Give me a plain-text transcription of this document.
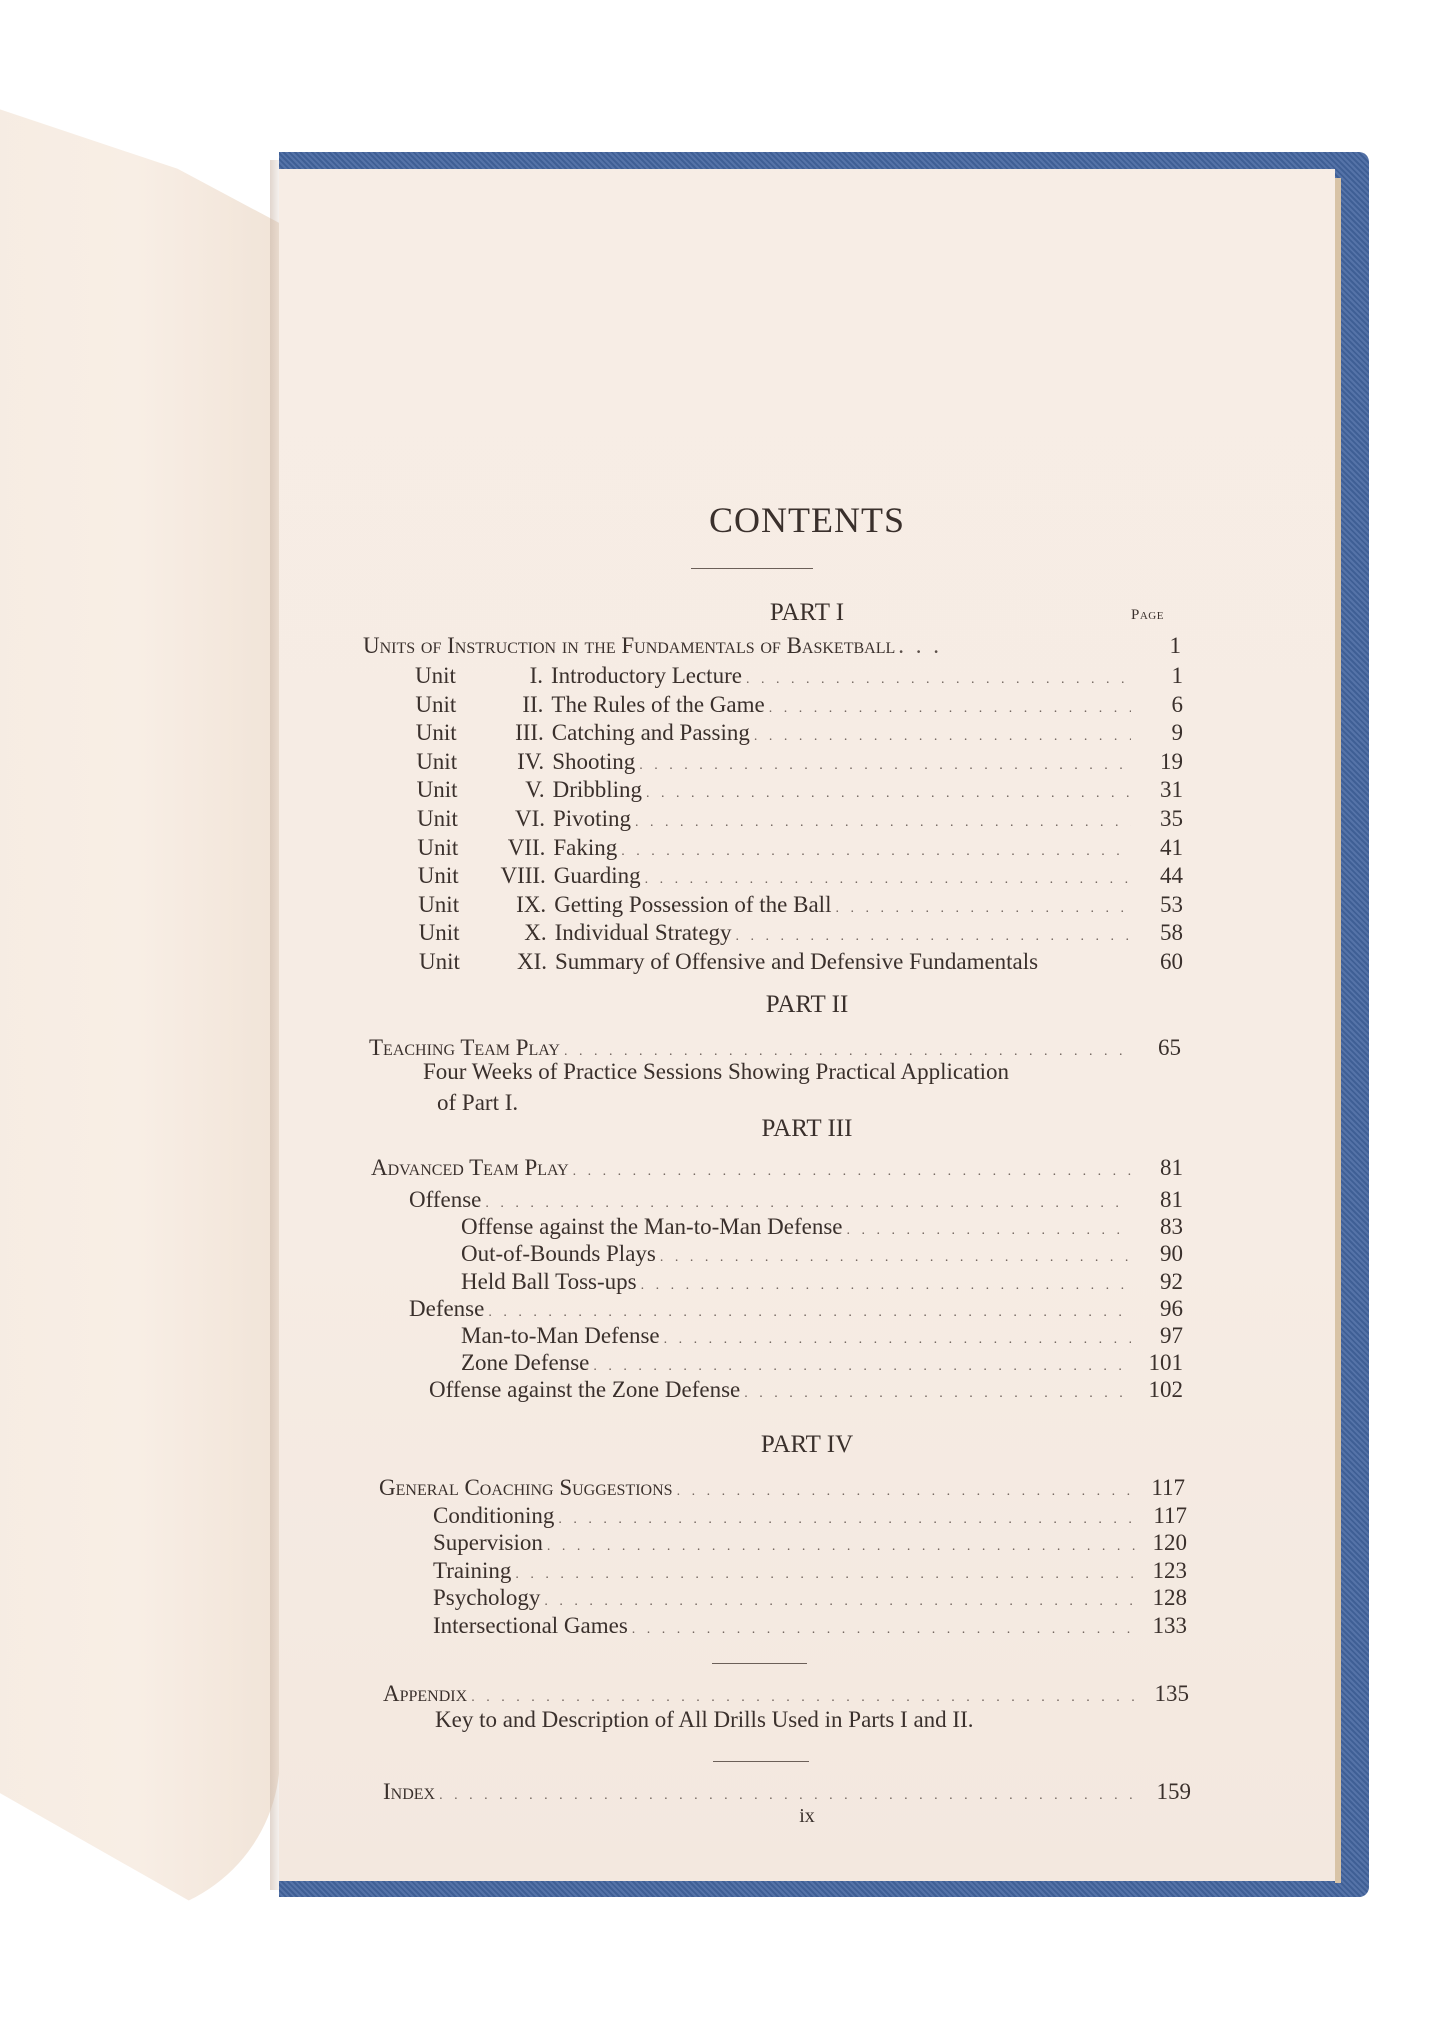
CONTENTS
PART I	Page
Units of Instruction in the Fundamentals of Basketball . . .	1
Unit	I. Introductory Lecture . . .	1
Unit	II. The Rules of the Game . . .	6
Unit	III. Catching and Passing . . .	9
Unit	IV. Shooting . . .	19
Unit	V. Dribbling . . .	31
Unit	VI. Pivoting . . .	35
Unit	VII. Faking . . .	41
Unit	VIII. Guarding . . .	44
Unit	IX. Getting Possession of the Ball . . .	53
Unit	X. Individual Strategy . . .	58
Unit	XI. Summary of Offensive and Defensive Fundamentals	60
PART II
Teaching Team Play . . .	65
Four Weeks of Practice Sessions Showing Practical Application
of Part I.
PART III
Advanced Team Play . . .	81
Offense . . .	81
Offense against the Man-to-Man Defense . . .	83
Out-of-Bounds Plays . . .	90
Held Ball Toss-ups . . .	92
Defense . . .	96
Man-to-Man Defense . . .	97
Zone Defense . . .	101
Offense against the Zone Defense . . .	102
PART IV
General Coaching Suggestions . . .	117
Conditioning . . .	117
Supervision . . .	120
Training . . .	123
Psychology . . .	128
Intersectional Games . . .	133
Appendix . . .	135
Key to and Description of All Drills Used in Parts I and II.
Index . . .	159
ix
